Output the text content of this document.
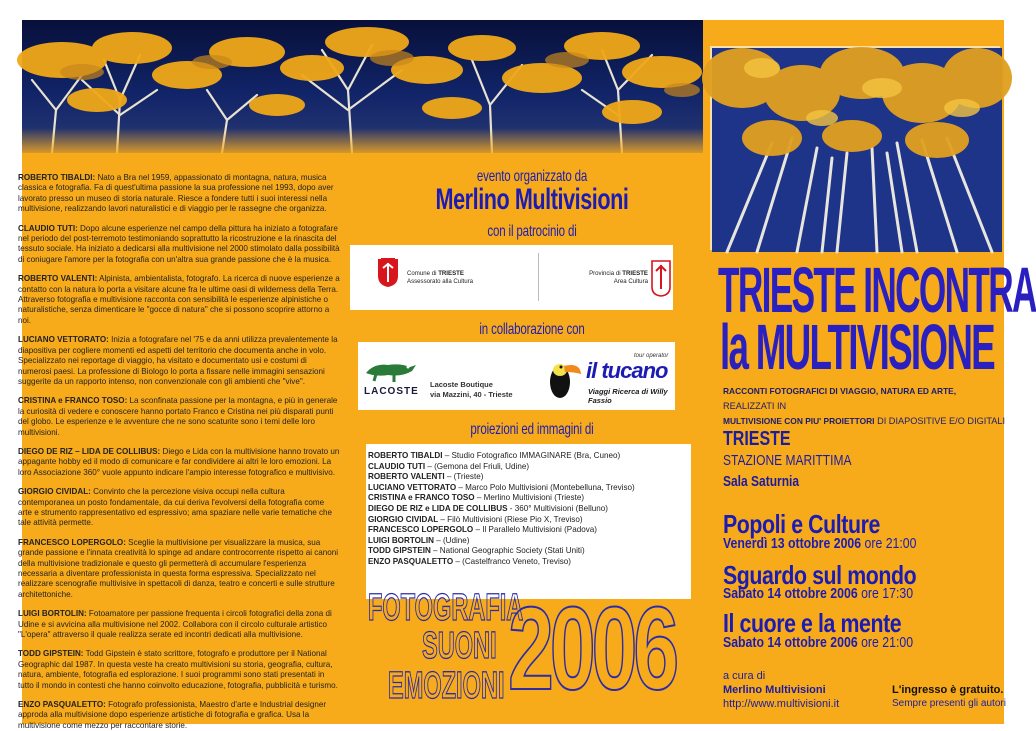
ROBERTO TIBALDI: Nato a Bra nel 1959, appassionato di montagna, natura, musica classica e fotografia. Fa di quest'ultima passione la sua professione nel 1993, dopo aver lavorato presso un museo di storia naturale. Riesce a fondere tutti i suoi interessi nella multivisione, realizzando lavori naturalistici e di viaggio per le rassegne che organizza.
CLAUDIO TUTI: Dopo alcune esperienze nel campo della pittura ha iniziato a fotografare nel periodo del post-terremoto testimoniando soprattutto la ricostruzione e la rinascita del tessuto sociale. Ha iniziato a dedicarsi alla multivisione nel 2000 stimolato dalla possibilità di coniugare l'amore per la fotografia con un'altra sua grande passione che è la musica.
ROBERTO VALENTI: Alpinista, ambientalista, fotografo. La ricerca di nuove esperienze a contatto con la natura lo porta a visitare alcune fra le ultime oasi di wilderness della Terra. Attraverso fotografia e multivisione racconta con sensibilità le esperienze alpinistiche o naturalistiche, senza dimenticare le "gocce di natura" che si possono scoprire attorno a noi.
LUCIANO VETTORATO: Inizia a fotografare nel '75 e da anni utilizza prevalentemente la diapositiva per cogliere momenti ed aspetti del territorio che documenta anche in volo. Specializzato nei reportage di viaggio, ha visitato e documentato usi e costumi di numerosi paesi. La professione di Biologo lo porta a fissare nelle immagini sensazioni suggerite da un rapporto intenso, non convenzionale con gli ambienti che "vive".
CRISTINA e FRANCO TOSO: La sconfinata passione per la montagna, e più in generale la curiosità di vedere e conoscere hanno portato Franco e Cristina nei più disparati punti del globo. Le esperienze e le avventure che ne sono scaturite sono i temi delle loro multivisioni.
DIEGO DE RIZ – LIDA DE COLLIBUS: Diego e Lida con la multivisione hanno trovato un appagante hobby ed il modo di comunicare e far condividere ai altri le loro emozioni. La loro Associazione 360° vuole appunto indicare l'ampio interesse fotografico e multivisivo.
GIORGIO CIVIDAL: Convinto che la percezione visiva occupi nella cultura contemporanea un posto fondamentale, da cui deriva l'evolversi della fotografia come arte e strumento rappresentativo ed espressivo; ama spaziare nelle varie tematiche che tale attività permette.
FRANCESCO LOPERGOLO: Sceglie la multivisione per visualizzare la musica, sua grande passione e l'innata creatività lo spinge ad andare controcorrente rispetto ai canoni della multivisione tradizionale e questo gli permetterà di accumulare l'esperienza necessaria a diventare professionista in questa forma espressiva. Specializzato nel realizzare scenografie multivisive in spettacoli di danza, teatro e concerti e sulle strutture architettoniche.
LUIGI BORTOLIN: Fotoamatore per passione frequenta i circoli fotografici della zona di Udine e si avvicina alla multivisione nel 2002. Collabora con il circolo culturale artistico "L'opera" attraverso il quale realizza serate ed incontri dedicati alla multivisione.
TODD GIPSTEIN: Todd Gipstein è stato scrittore, fotografo e produttore per il National Geographic dal 1987. In questa veste ha creato multivisioni su storia, geografia, cultura, natura, ambiente, fotografia ed esplorazione. I suoi programmi sono stati presentati in tutto il mondo in contesti che hanno coinvolto educazione, fotografia, pubblicità e turismo.
ENZO PASQUALETTO: Fotografo professionista, Maestro d'arte e Industrial designer approda alla multivisione dopo esperienze artistiche di fotografia e grafica. Usa la multivisione come mezzo per raccontare storie.
evento organizzato da
Merlino Multivisioni
con il patrocinio di
Comune di TRIESTE
Assessorato alla Cultura
Provincia di TRIESTE
Area Cultura
in collaborazione con
LACOSTE
Lacoste Boutique
via Mazzini, 40 - Trieste
il tucano
tour operator
Viaggi Ricerca di Willy Fassio
proiezioni ed immagini di
ROBERTO TIBALDI – Studio Fotografico IMMAGINARE (Bra, Cuneo)
CLAUDIO TUTI – (Gemona del Friuli, Udine)
ROBERTO VALENTI – (Trieste)
LUCIANO VETTORATO – Marco Polo Multivisioni (Montebelluna, Treviso)
CRISTINA e FRANCO TOSO – Merlino Multivisioni (Trieste)
DIEGO DE RIZ e LIDA DE COLLIBUS - 360° Multivisioni (Belluno)
GIORGIO CIVIDAL – Filò Multivisioni (Riese Pio X, Treviso)
FRANCESCO LOPERGOLO – Il Parallelo Multivisioni (Padova)
LUIGI BORTOLIN – (Udine)
TODD GIPSTEIN – National Geographic Society (Stati Uniti)
ENZO PASQUALETTO – (Castelfranco Veneto, Treviso)
FOTOGRAFIA
SUONI
EMOZIONI 2006
TRIESTE INCONTRA
la MULTIVISIONE
RACCONTI FOTOGRAFICI DI VIAGGIO, NATURA ED ARTE, REALIZZATI IN
MULTIVISIONE CON PIU' PROIETTORI DI DIAPOSITIVE E/O DIGITALI
TRIESTE
STAZIONE MARITTIMA
Sala Saturnia
Popoli e Culture
Venerdì 13 ottobre 2006 ore 21:00
Sguardo sul mondo
Sabato 14 ottobre 2006 ore 17:30
Il cuore e la mente
Sabato 14 ottobre 2006 ore 21:00
a cura di
Merlino Multivisioni
http://www.multivisioni.it
L'ingresso è gratuito.
Sempre presenti gli autori
